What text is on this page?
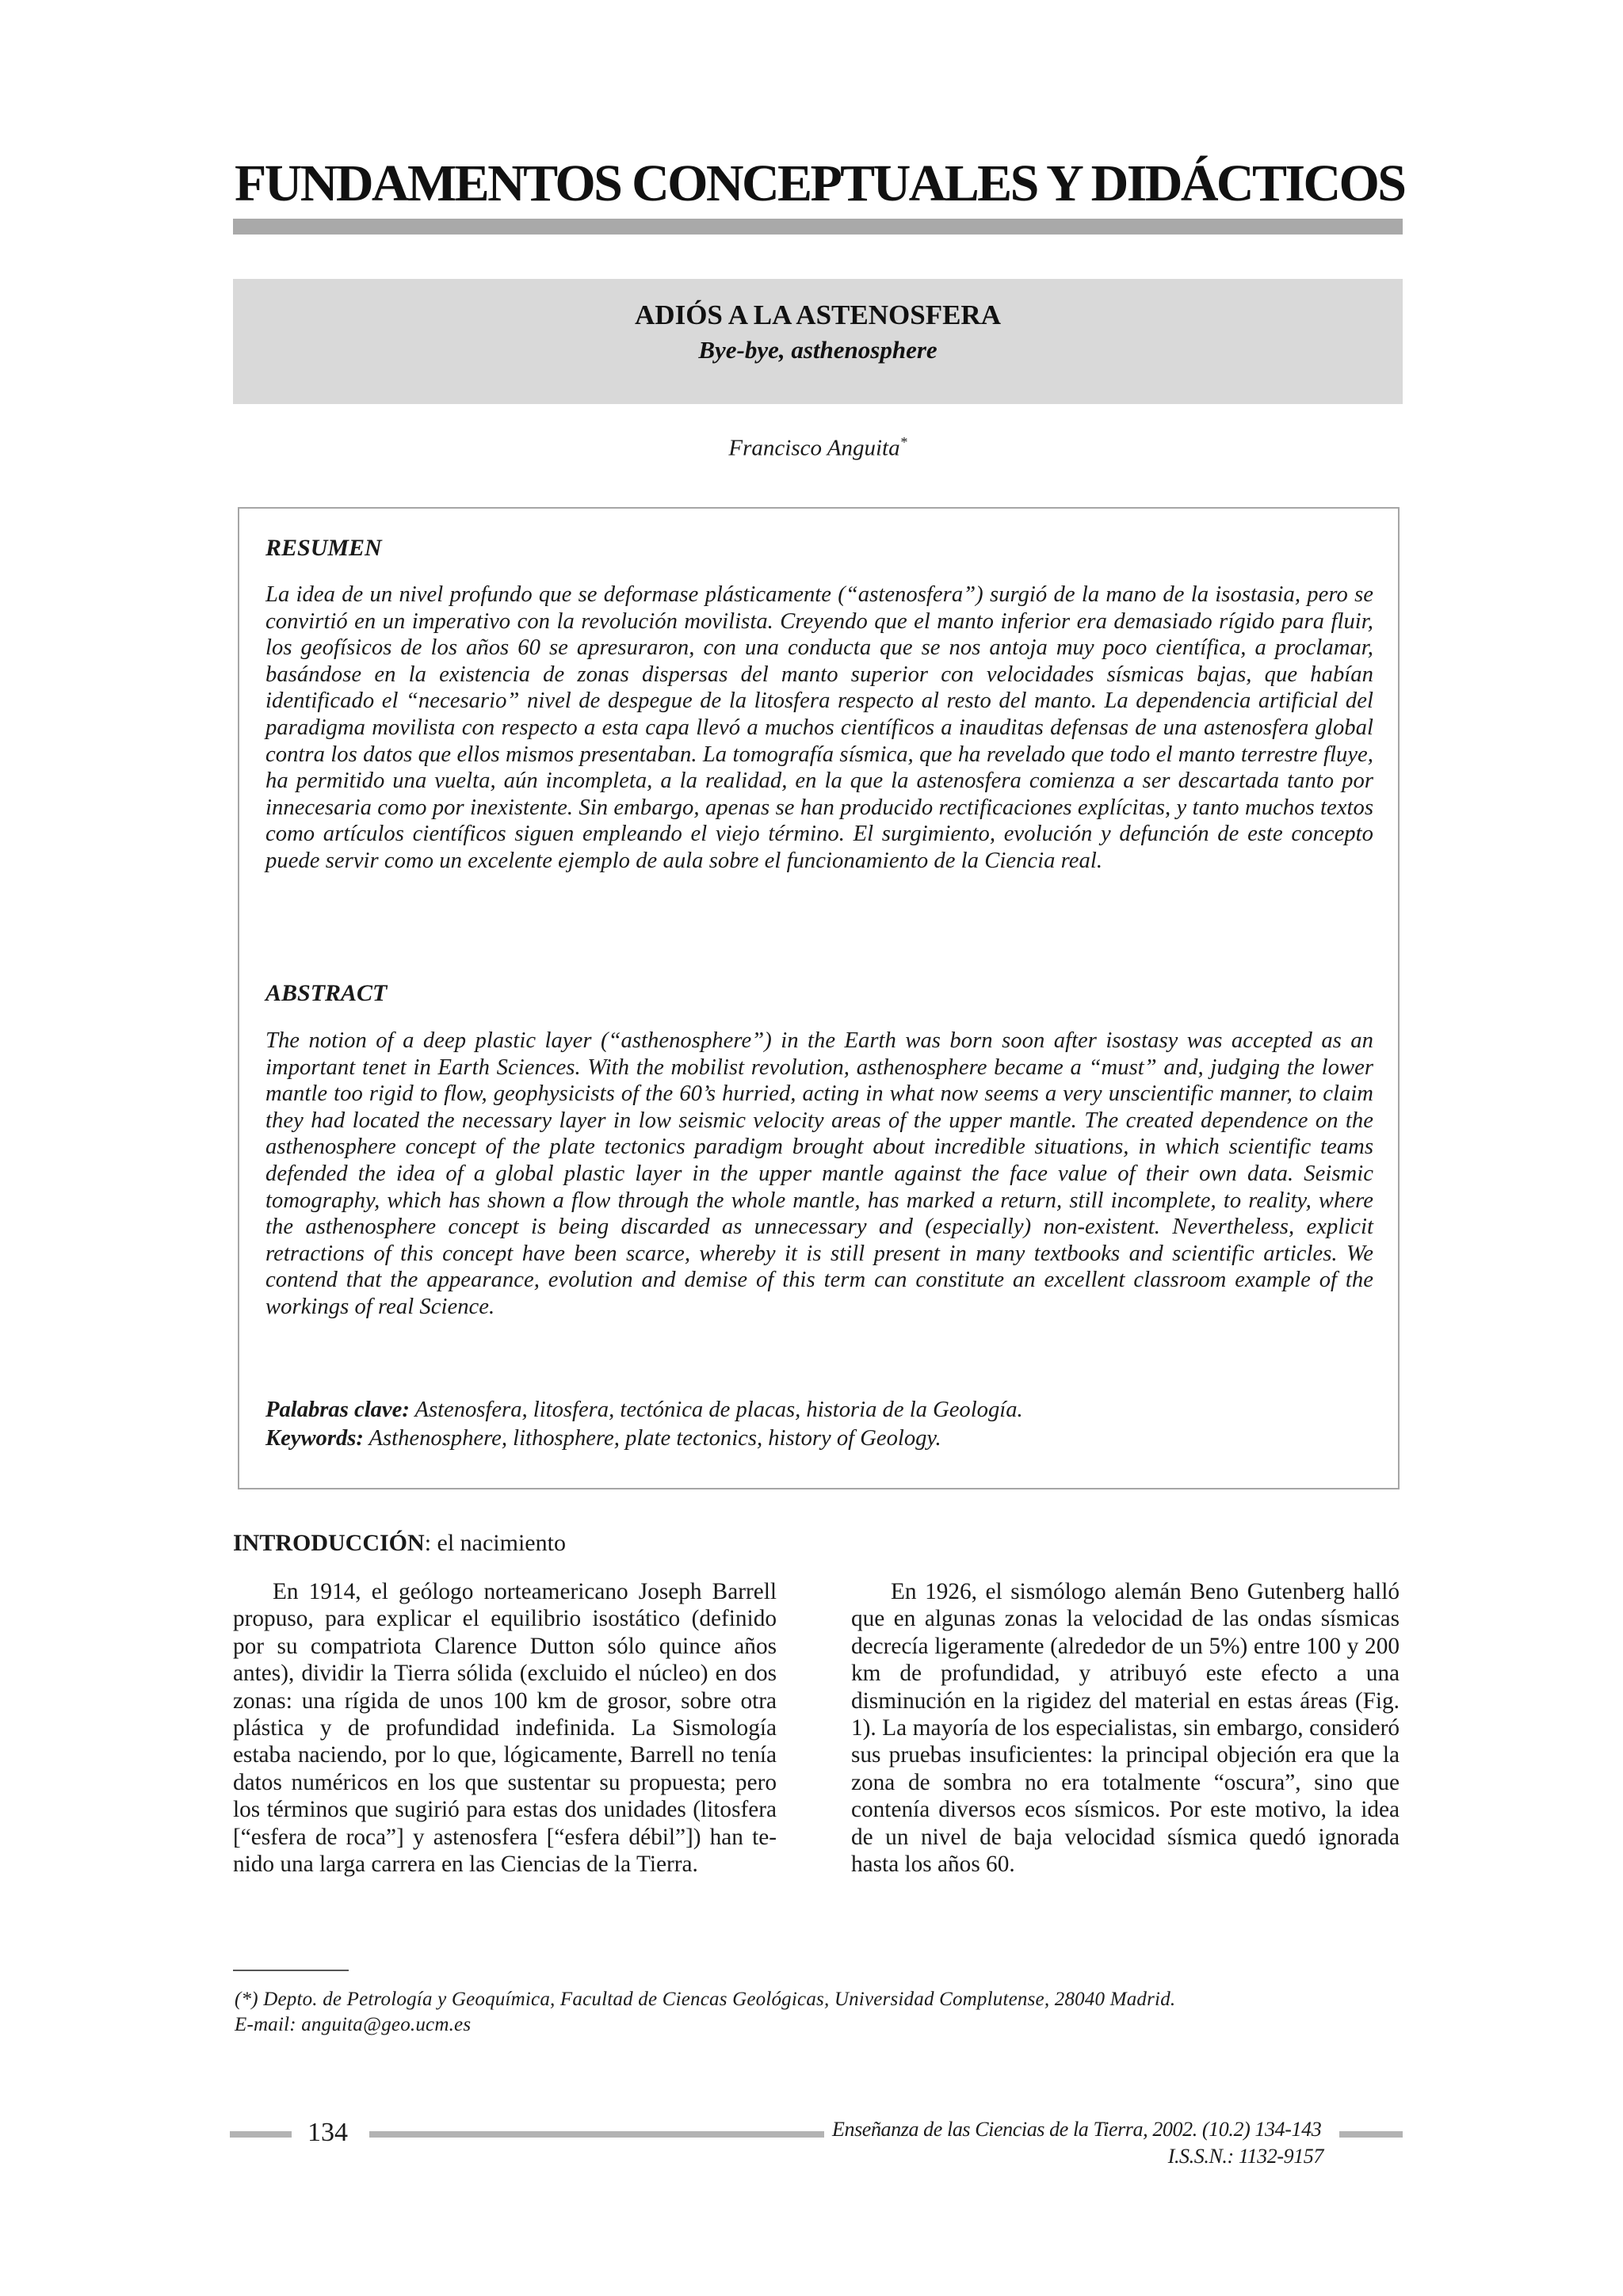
FUNDAMENTOS CONCEPTUALES Y DIDÁCTICOS
ADIÓS A LA ASTENOSFERA
Bye-bye, asthenosphere
Francisco Anguita*
RESUMEN
La idea de un nivel profundo que se deformase plásticamente (“astenosfera”) surgió de la mano de la isostasia, pero se convirtió en un imperativo con la revolución movilista. Creyendo que el manto inferior era demasiado rígido para fluir, los geofísicos de los años 60 se apresuraron, con una conducta que se nos antoja muy poco científica, a proclamar, basándose en la existencia de zonas dispersas del manto superior con velocidades sísmicas bajas, que habían identificado el “necesario” nivel de despegue de la litosfera respecto al resto del manto. La dependencia artificial del paradigma movilista con respecto a esta capa llevó a muchos científicos a inauditas defensas de una astenosfera global contra los datos que ellos mismos presentaban. La tomografía sísmica, que ha revelado que todo el manto terrestre fluye, ha permitido una vuelta, aún incompleta, a la realidad, en la que la astenosfera comienza a ser descartada tanto por innecesaria como por inexistente. Sin embargo, apenas se han producido rectificaciones explícitas, y tanto muchos textos como artículos científicos siguen empleando el viejo término. El surgimiento, evolución y defunción de este concepto puede servir como un excelente ejemplo de aula sobre el funcionamiento de la Ciencia real.
ABSTRACT
The notion of a deep plastic layer (“asthenosphere”) in the Earth was born soon after isostasy was accepted as an important tenet in Earth Sciences. With the mobilist revolution, asthenosphere became a “must” and, judging the lower mantle too rigid to flow, geophysicists of the 60’s hurried, acting in what now seems a very unscientific manner, to claim they had located the necessary layer in low seismic velocity areas of the upper mantle. The created dependence on the asthenosphere concept of the plate tectonics paradigm brought about incredible situations, in which scientific teams defended the idea of a global plastic layer in the upper mantle against the face value of their own data. Seismic tomography, which has shown a flow through the whole mantle, has marked a return, still incomplete, to reality, where the asthenosphere concept is being discarded as unnecessary and (especially) non-existent. Nevertheless, explicit retractions of this concept have been scarce, whereby it is still present in many textbooks and scientific articles. We contend that the appearance, evolution and demise of this term can constitute an excellent classroom example of the workings of real Science.
Palabras clave: Astenosfera, litosfera, tectónica de placas, historia de la Geología.
Keywords: Asthenosphere, lithosphere, plate tectonics, history of Geology.
INTRODUCCIÓN: el nacimiento

En 1914, el geólogo norteamericano Joseph Barrell propuso, para explicar el equilibrio isostático (definido por su compatriota Clarence Dutton sólo quince años antes), dividir la Tierra sólida (excluido el núcleo) en dos zonas: una rígida de unos 100 km de grosor, sobre otra plástica y de profundidad indefinida. La Sismología estaba naciendo, por lo que, lógicamente, Barrell no tenía datos numéricos en los que sustentar su propuesta; pero los términos que sugirió para estas dos unidades (litosfera [“esfera de roca”] y astenosfera [“esfera débil”]) han tenido una larga carrera en las Ciencias de la Tierra.

En 1926, el sismólogo alemán Beno Gutenberg halló que en algunas zonas la velocidad de las ondas sísmicas decrecía ligeramente (alrededor de un 5%) entre 100 y 200 km de profundidad, y atribuyó este efecto a una disminución en la rigidez del material en estas áreas (Fig. 1). La mayoría de los especialistas, sin embargo, consideró sus pruebas insuficientes: la principal objeción era que la zona de sombra no era totalmente “oscura”, sino que contenía diversos ecos sísmicos. Por este motivo, la idea de un nivel de baja velocidad sísmica quedó ignorada hasta los años 60.

(*) Depto. de Petrología y Geoquímica, Facultad de Ciencas Geológicas, Universidad Complutense, 28040 Madrid.
E-mail: anguita@geo.ucm.es
134	Enseñanza de las Ciencias de la Tierra, 2002. (10.2) 134-143
I.S.S.N.: 1132-9157
